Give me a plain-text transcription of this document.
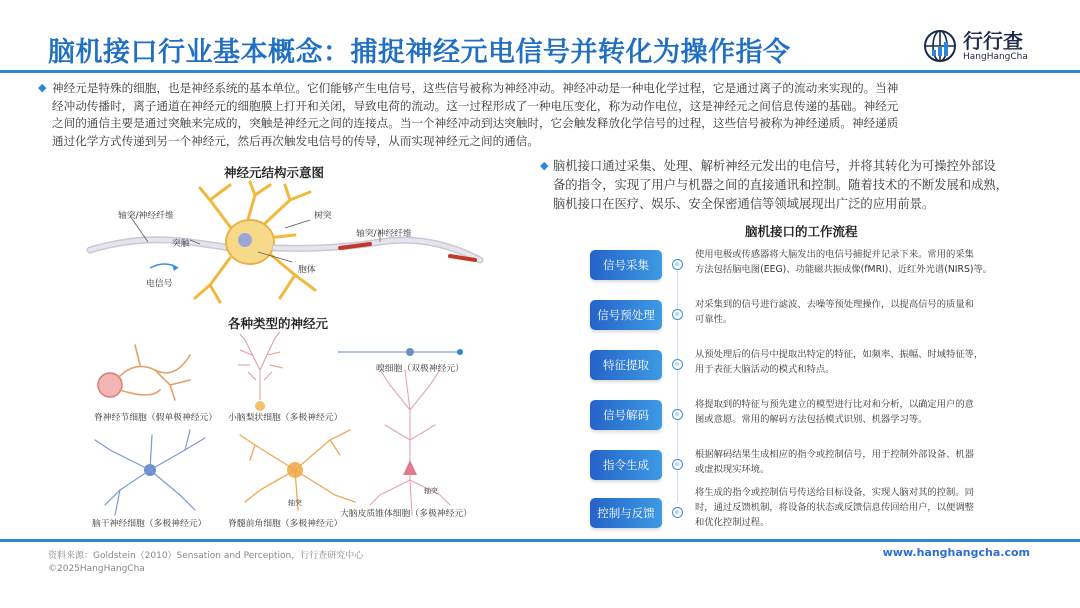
脑机接口行业基本概念：捕捉神经元电信号并转化为操作指令	行行查
HangHangCha
◆ 神经元是特殊的细胞，也是神经系统的基本单位。它们能够产生电信号，这些信号被称为神经冲动。神经冲动是一种电化学过程，它是通过离子的流动来实现的。当神
经冲动传播时，离子通道在神经元的细胞膜上打开和关闭，导致电荷的流动。这一过程形成了一种电压变化，称为动作电位，这是神经元之间信息传递的基础。神经元
之间的通信主要是通过突触来完成的，突触是神经元之间的连接点。当一个神经冲动到达突触时，它会触发释放化学信号的过程，这些信号被称为神经递质。神经递质
通过化学方式传递到另一个神经元，然后再次触发电信号的传导，从而实现神经元之间的通信。
神经元结构示意图
轴突/神经纤维
突触
电信号
树突
胞体
轴突/神经纤维
各种类型的神经元
脊神经节细胞（假单极神经元） 小脑梨状细胞（多极神经元）
嗅细胞（双极神经元）
脑干神经细胞（多极神经元） 脊髓前角细胞（多极神经元）
大脑皮质锥体细胞（多极神经元）
轴突
轴突
◆ 脑机接口通过采集、处理、解析神经元发出的电信号，并将其转化为可操控外部设
备的指令，实现了用户与机器之间的直接通讯和控制。随着技术的不断发展和成熟，
脑机接口在医疗、娱乐、安全保密通信等领域展现出广泛的应用前景。
脑机接口的工作流程
信号采集
使用电极或传感器将大脑发出的电信号捕捉并记录下来。常用的采集
方法包括脑电图(EEG)、功能磁共振成像(fMRI)、近红外光谱(NIRS)等。
信号预处理
对采集到的信号进行滤波、去噪等预处理操作，以提高信号的质量和
可靠性。
特征提取
从预处理后的信号中提取出特定的特征，如频率、振幅、时域特征等，
用于表征大脑活动的模式和特点。
信号解码
将提取到的特征与预先建立的模型进行比对和分析，以确定用户的意
图或意愿。常用的解码方法包括模式识别、机器学习等。
指令生成
根据解码结果生成相应的指令或控制信号，用于控制外部设备、机器
或虚拟现实环境。
控制与反馈
将生成的指令或控制信号传送给目标设备，实现人脑对其的控制。同
时，通过反馈机制，将设备的状态或反馈信息传回给用户，以便调整
和优化控制过程。
资料来源：Goldstein（2010）Sensation and Perception，行行查研究中心
©2025HangHangCha
www.hanghangcha.com
